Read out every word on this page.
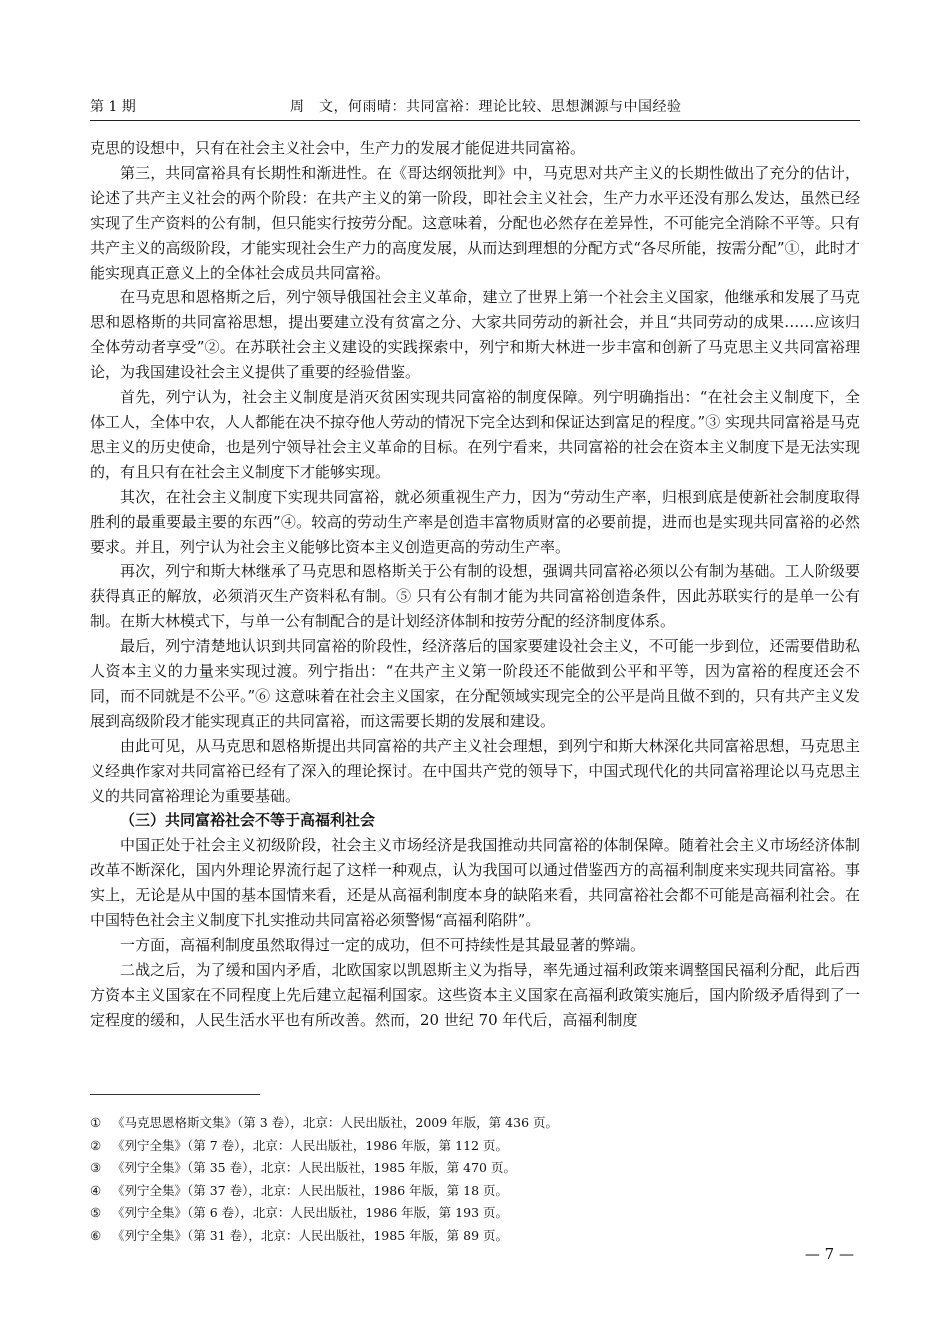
第 1 期	周　文，何雨晴：共同富裕：理论比较、思想渊源与中国经验

克思的设想中，只有在社会主义社会中，生产力的发展才能促进共同富裕。

第三，共同富裕具有长期性和渐进性。在《哥达纲领批判》中，马克思对共产主义的长期性做出了充分的估计，论述了共产主义社会的两个阶段：在共产主义的第一阶段，即社会主义社会，生产力水平还没有那么发达，虽然已经实现了生产资料的公有制，但只能实行按劳分配。这意味着，分配也必然存在差异性，不可能完全消除不平等。只有共产主义的高级阶段，才能实现社会生产力的高度发展，从而达到理想的分配方式“各尽所能，按需分配”①，此时才能实现真正意义上的全体社会成员共同富裕。

在马克思和恩格斯之后，列宁领导俄国社会主义革命，建立了世界上第一个社会主义国家，他继承和发展了马克思和恩格斯的共同富裕思想，提出要建立没有贫富之分、大家共同劳动的新社会，并且“共同劳动的成果……应该归全体劳动者享受”②。在苏联社会主义建设的实践探索中，列宁和斯大林进一步丰富和创新了马克思主义共同富裕理论，为我国建设社会主义提供了重要的经验借鉴。

首先，列宁认为，社会主义制度是消灭贫困实现共同富裕的制度保障。列宁明确指出：“在社会主义制度下，全体工人，全体中农，人人都能在决不掠夺他人劳动的情况下完全达到和保证达到富足的程度。”③ 实现共同富裕是马克思主义的历史使命，也是列宁领导社会主义革命的目标。在列宁看来，共同富裕的社会在资本主义制度下是无法实现的，有且只有在社会主义制度下才能够实现。

其次，在社会主义制度下实现共同富裕，就必须重视生产力，因为“劳动生产率，归根到底是使新社会制度取得胜利的最重要最主要的东西”④。较高的劳动生产率是创造丰富物质财富的必要前提，进而也是实现共同富裕的必然要求。并且，列宁认为社会主义能够比资本主义创造更高的劳动生产率。

再次，列宁和斯大林继承了马克思和恩格斯关于公有制的设想，强调共同富裕必须以公有制为基础。工人阶级要获得真正的解放，必须消灭生产资料私有制。⑤ 只有公有制才能为共同富裕创造条件，因此苏联实行的是单一公有制。在斯大林模式下，与单一公有制配合的是计划经济体制和按劳分配的经济制度体系。

最后，列宁清楚地认识到共同富裕的阶段性，经济落后的国家要建设社会主义，不可能一步到位，还需要借助私人资本主义的力量来实现过渡。列宁指出：“在共产主义第一阶段还不能做到公平和平等，因为富裕的程度还会不同，而不同就是不公平。”⑥ 这意味着在社会主义国家，在分配领域实现完全的公平是尚且做不到的，只有共产主义发展到高级阶段才能实现真正的共同富裕，而这需要长期的发展和建设。

由此可见，从马克思和恩格斯提出共同富裕的共产主义社会理想，到列宁和斯大林深化共同富裕思想，马克思主义经典作家对共同富裕已经有了深入的理论探讨。在中国共产党的领导下，中国式现代化的共同富裕理论以马克思主义的共同富裕理论为重要基础。

（三）共同富裕社会不等于高福利社会

中国正处于社会主义初级阶段，社会主义市场经济是我国推动共同富裕的体制保障。随着社会主义市场经济体制改革不断深化，国内外理论界流行起了这样一种观点，认为我国可以通过借鉴西方的高福利制度来实现共同富裕。事实上，无论是从中国的基本国情来看，还是从高福利制度本身的缺陷来看，共同富裕社会都不可能是高福利社会。在中国特色社会主义制度下扎实推动共同富裕必须警惕“高福利陷阱”。

一方面，高福利制度虽然取得过一定的成功，但不可持续性是其最显著的弊端。

二战之后，为了缓和国内矛盾，北欧国家以凯恩斯主义为指导，率先通过福利政策来调整国民福利分配，此后西方资本主义国家在不同程度上先后建立起福利国家。这些资本主义国家在高福利政策实施后，国内阶级矛盾得到了一定程度的缓和，人民生活水平也有所改善。然而，20 世纪 70 年代后，高福利制度

① 《马克思恩格斯文集》（第 3 卷），北京：人民出版社，2009 年版，第 436 页。
② 《列宁全集》（第 7 卷），北京：人民出版社，1986 年版，第 112 页。
③ 《列宁全集》（第 35 卷），北京：人民出版社，1985 年版，第 470 页。
④ 《列宁全集》（第 37 卷），北京：人民出版社，1986 年版，第 18 页。
⑤ 《列宁全集》（第 6 卷），北京：人民出版社，1986 年版，第 193 页。
⑥ 《列宁全集》（第 31 卷），北京：人民出版社，1985 年版，第 89 页。
— 7 —
